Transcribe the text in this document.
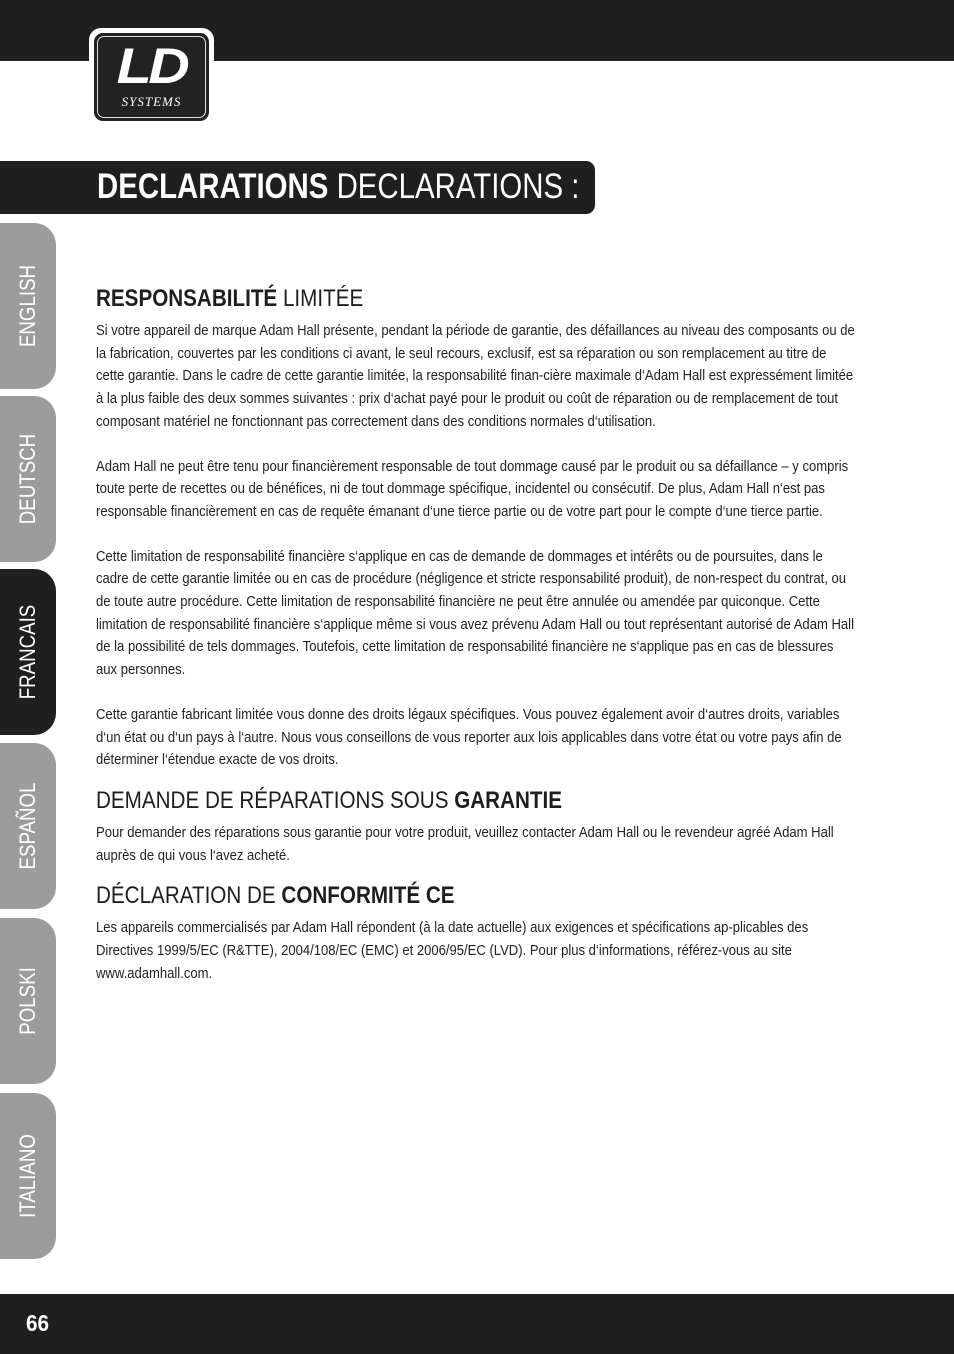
LD
SYSTEMS
DECLARATIONS DECLARATIONS :
ENGLISH
DEUTSCH
FRANCAIS
ESPAÑOL
POLSKI
ITALIANO
RESPONSABILITÉ LIMITÉE

Si votre appareil de marque Adam Hall présente, pendant la période de garantie, des défaillances au niveau des composants ou de la fabrication, couvertes par les conditions ci avant, le seul recours, exclusif, est sa réparation ou son remplacement au titre de cette garantie. Dans le cadre de cette garantie limitée, la responsabilité finan-cière maximale d‘Adam Hall est expressément limitée à la plus faible des deux sommes suivantes : prix d‘achat payé pour le produit ou coût de réparation ou de remplacement de tout composant matériel ne fonctionnant pas correctement dans des conditions normales d‘utilisation.

Adam Hall ne peut être tenu pour financièrement responsable de tout dommage causé par le produit ou sa défaillance – y compris toute perte de recettes ou de bénéfices, ni de tout dommage spécifique, incidentel ou consécutif. De plus, Adam Hall n‘est pas responsable financièrement en cas de requête émanant d‘une tierce partie ou de votre part pour le compte d‘une tierce partie.

Cette limitation de responsabilité financière s‘applique en cas de demande de dommages et intérêts ou de poursuites, dans le cadre de cette garantie limitée ou en cas de procédure (négligence et stricte responsabilité produit), de non-respect du contrat, ou de toute autre procédure. Cette limitation de responsabilité financière ne peut être annulée ou amendée par quiconque. Cette limitation de responsabilité financière s‘applique même si vous avez prévenu Adam Hall ou tout représentant autorisé de Adam Hall de la possibilité de tels dommages. Toutefois, cette limitation de responsabilité financière ne s‘applique pas en cas de blessures aux personnes.

Cette garantie fabricant limitée vous donne des droits légaux spécifiques. Vous pouvez également avoir d‘autres droits, variables d‘un état ou d‘un pays à l‘autre. Nous vous conseillons de vous reporter aux lois applicables dans votre état ou votre pays afin de déterminer l‘étendue exacte de vos droits.

DEMANDE DE RÉPARATIONS SOUS GARANTIE

Pour demander des réparations sous garantie pour votre produit, veuillez contacter Adam Hall ou le revendeur agréé Adam Hall auprès de qui vous l‘avez acheté.

DÉCLARATION DE CONFORMITÉ CE

Les appareils commercialisés par Adam Hall répondent (à la date actuelle) aux exigences et spécifications ap-plicables des Directives 1999/5/EC (R&TTE), 2004/108/EC (EMC) et 2006/95/EC (LVD). Pour plus d‘informations, référez-vous au site www.adamhall.com.

66
